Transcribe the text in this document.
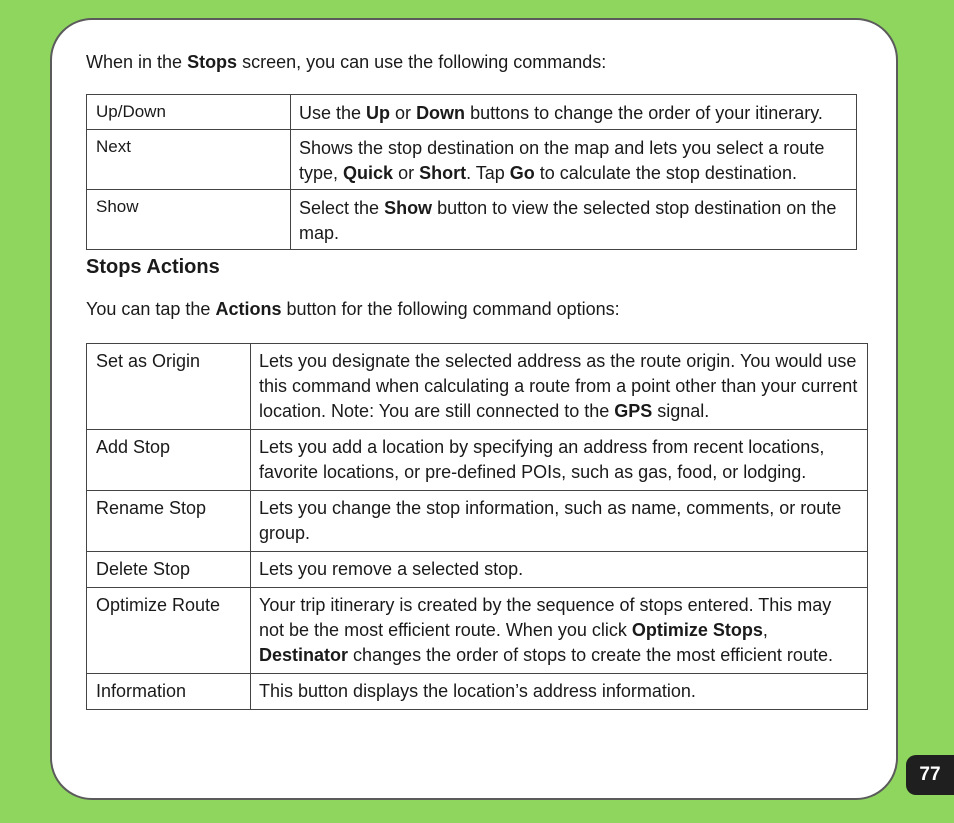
When in the Stops screen, you can use the following commands:

Up/Down	Use the Up or Down buttons to change the order of your itinerary.
Next	Shows the stop destination on the map and lets you select a route type, Quick or Short. Tap Go to calculate the stop destination.
Show	Select the Show button to view the selected stop destination on the map.
Stops Actions

You can tap the Actions button for the following command options:

Set as Origin	Lets you designate the selected address as the route origin. You would use this command when calculating a route from a point other than your current location. Note: You are still connected to the GPS signal.
Add Stop	Lets you add a location by specifying an address from recent locations, favorite locations, or pre-defined POIs, such as gas, food, or lodging.
Rename Stop	Lets you change the stop information, such as name, comments, or route group.
Delete Stop	Lets you remove a selected stop.
Optimize Route	Your trip itinerary is created by the sequence of stops entered. This may not be the most efficient route. When you click Optimize Stops, Destinator changes the order of stops to create the most efficient route.
Information	This button displays the location’s address information.
77
